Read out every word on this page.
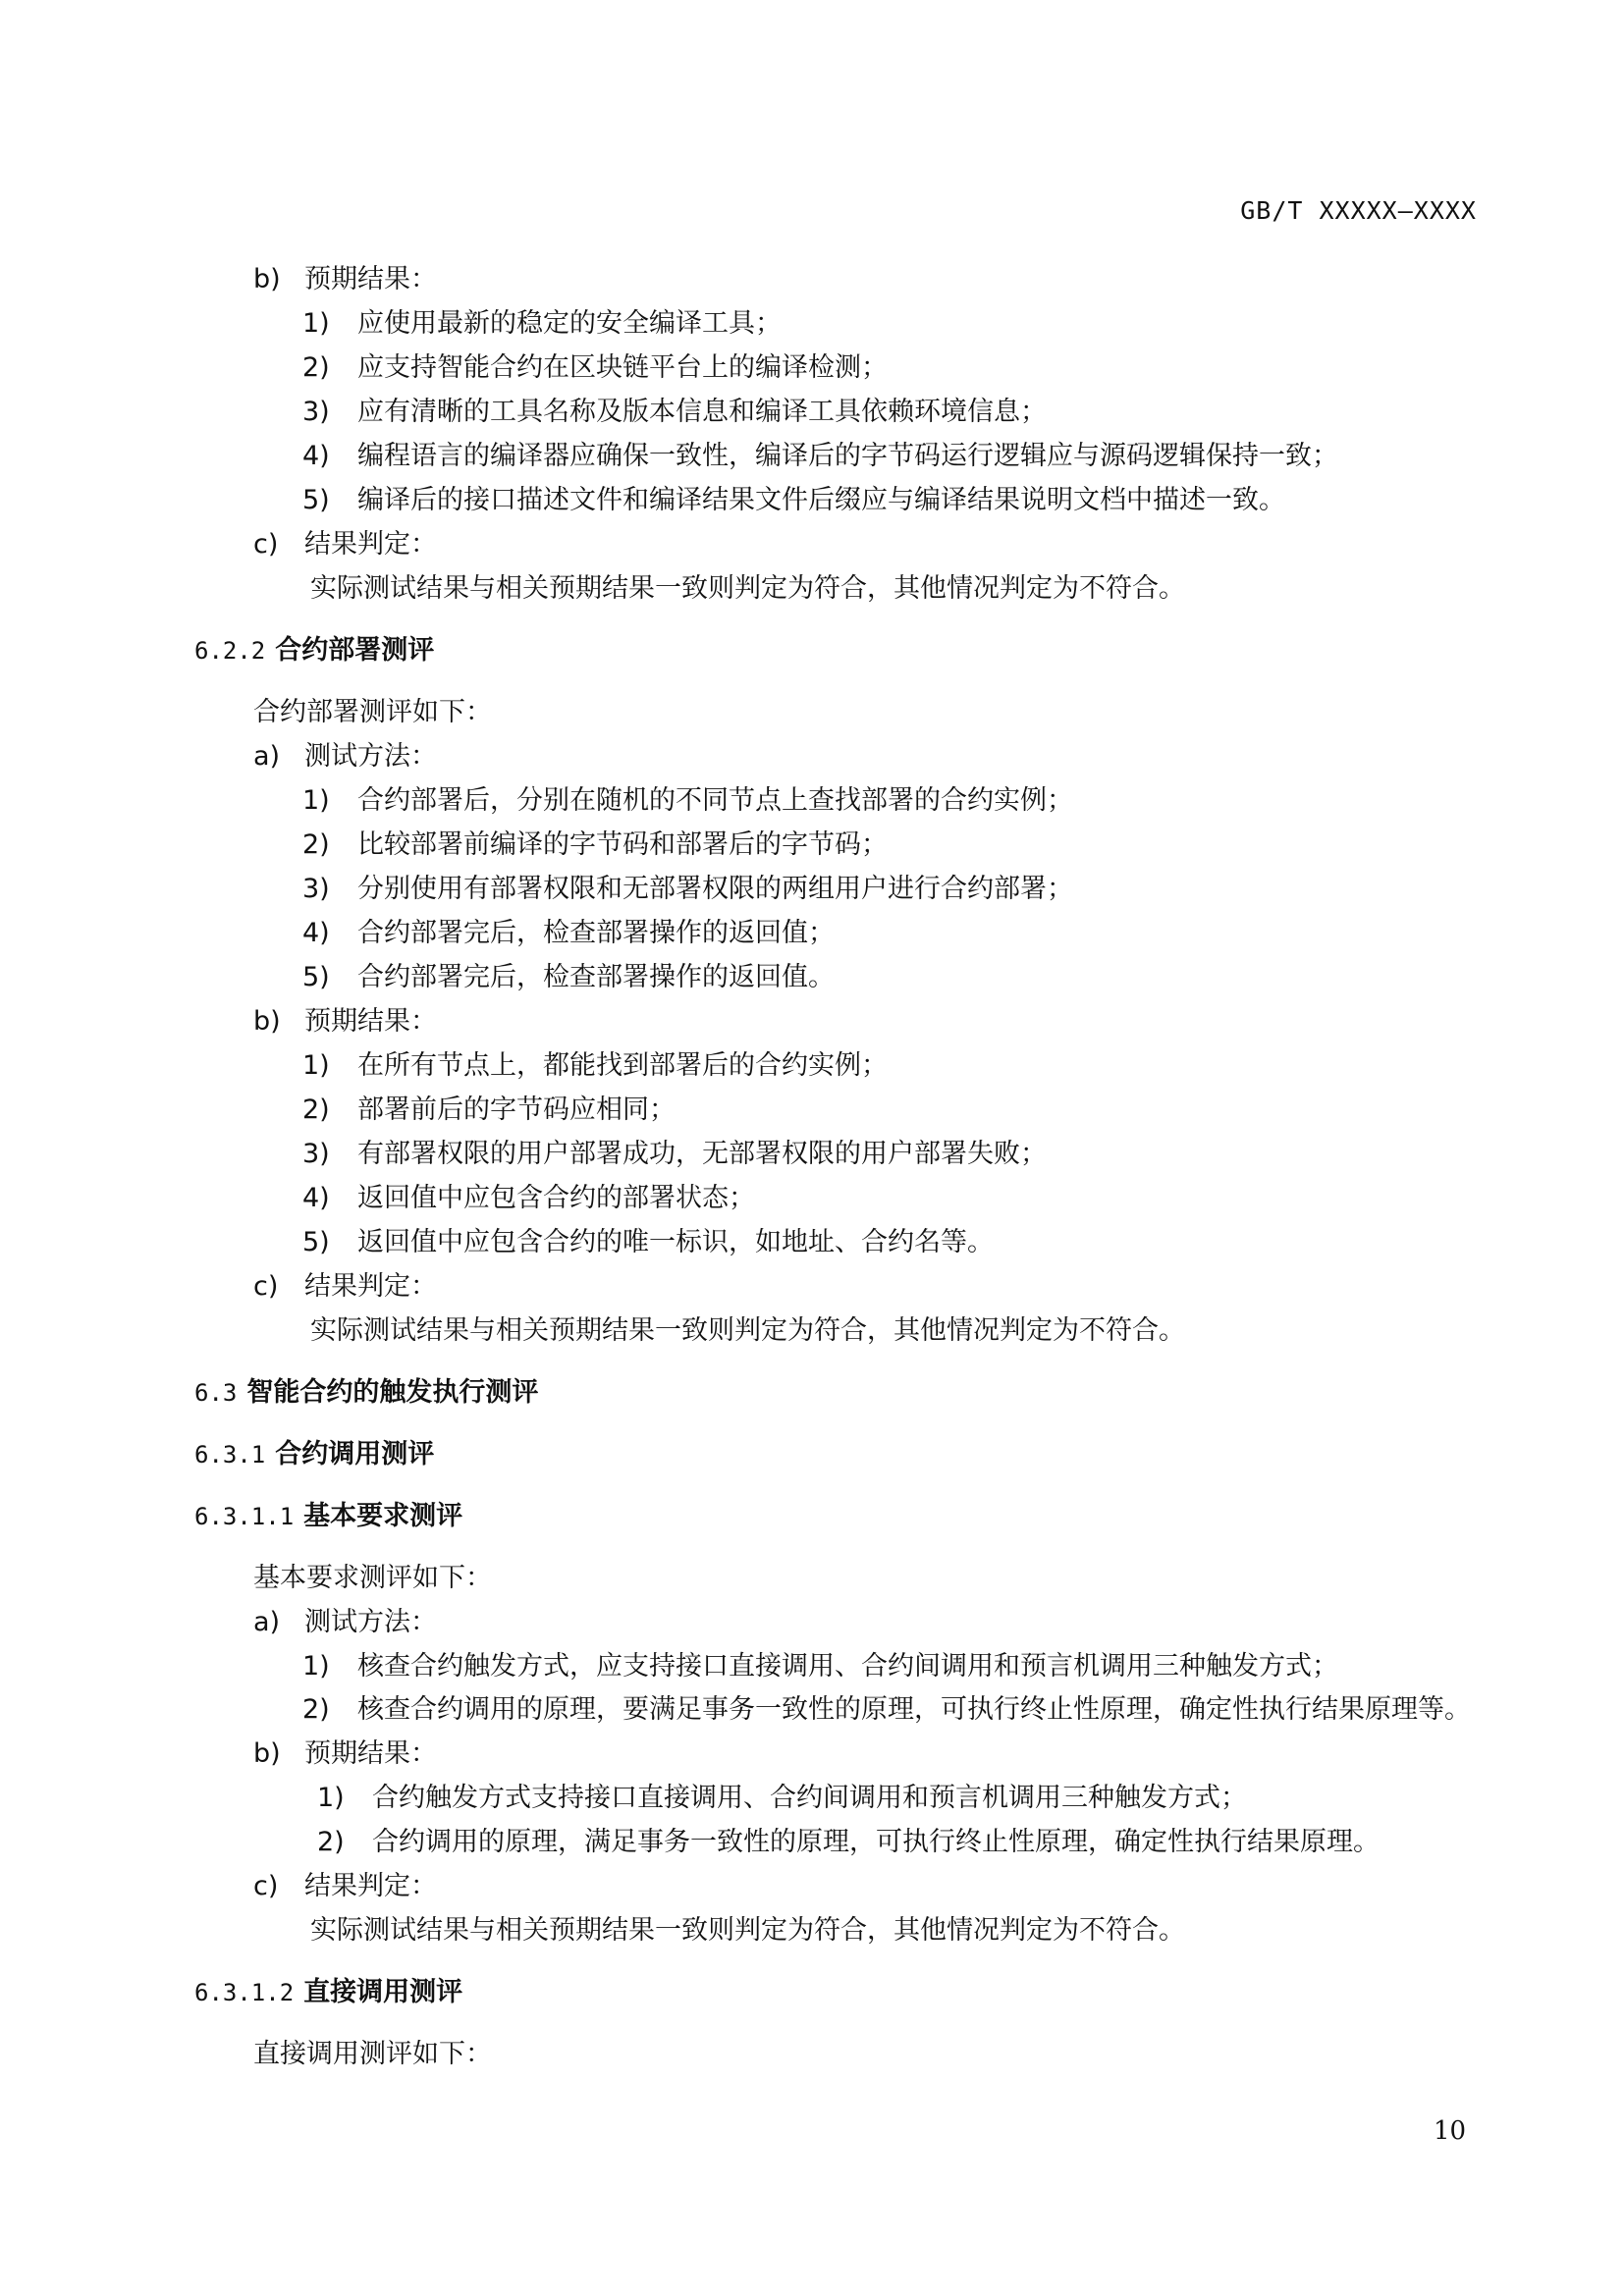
GB/T XXXXX—XXXX
b) 预期结果：
1) 应使用最新的稳定的安全编译工具；
2) 应支持智能合约在区块链平台上的编译检测；
3) 应有清晰的工具名称及版本信息和编译工具依赖环境信息；
4) 编程语言的编译器应确保一致性，编译后的字节码运行逻辑应与源码逻辑保持一致；
5) 编译后的接口描述文件和编译结果文件后缀应与编译结果说明文档中描述一致。
c) 结果判定：
实际测试结果与相关预期结果一致则判定为符合，其他情况判定为不符合。
6.2.2 合约部署测评
合约部署测评如下：
a) 测试方法：
1) 合约部署后，分别在随机的不同节点上查找部署的合约实例；
2) 比较部署前编译的字节码和部署后的字节码；
3) 分别使用有部署权限和无部署权限的两组用户进行合约部署；
4) 合约部署完后，检查部署操作的返回值；
5) 合约部署完后，检查部署操作的返回值。
b) 预期结果：
1) 在所有节点上，都能找到部署后的合约实例；
2) 部署前后的字节码应相同；
3) 有部署权限的用户部署成功，无部署权限的用户部署失败；
4) 返回值中应包含合约的部署状态；
5) 返回值中应包含合约的唯一标识，如地址、合约名等。
c) 结果判定：
实际测试结果与相关预期结果一致则判定为符合，其他情况判定为不符合。
6.3 智能合约的触发执行测评
6.3.1 合约调用测评
6.3.1.1 基本要求测评
基本要求测评如下：
a) 测试方法：
1) 核查合约触发方式，应支持接口直接调用、合约间调用和预言机调用三种触发方式；
2)	核查合约调用的原理，要满足事务一致性的原理，可执行终止性原理，确定性执行结果原理等。
b) 预期结果：
1) 合约触发方式支持接口直接调用、合约间调用和预言机调用三种触发方式；
2) 合约调用的原理，满足事务一致性的原理，可执行终止性原理，确定性执行结果原理。
c) 结果判定：
实际测试结果与相关预期结果一致则判定为符合，其他情况判定为不符合。
6.3.1.2 直接调用测评
直接调用测评如下：
10
